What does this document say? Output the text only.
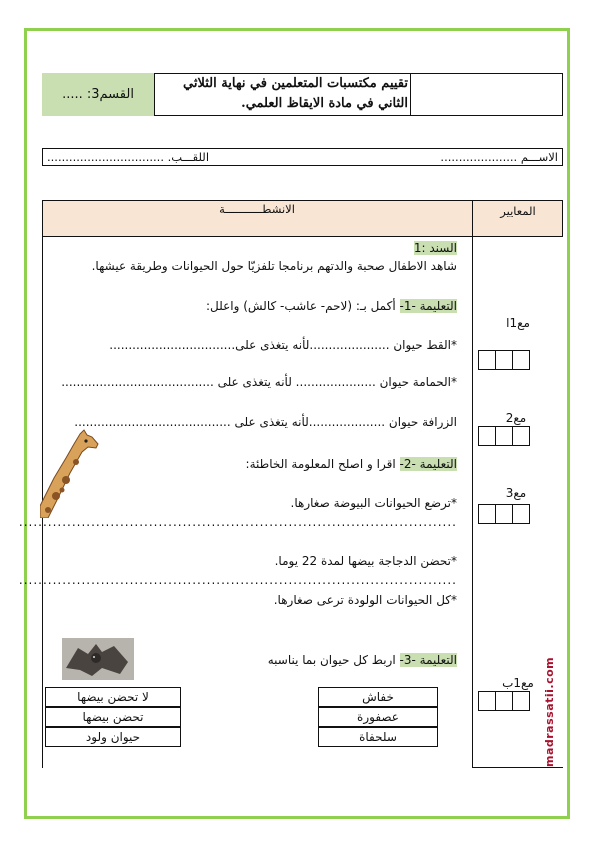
القسم3: .....
تقييم مكتسبات المتعلمين في نهاية الثلاثي
الثاني في مادة الايقاظ العلمي.
الاســـم .....................
اللقـــب. ................................
الانشطـــــــــــة	المعايير
السند :1
شاهد الاطفال صحبة والدتهم برنامجا تلفزيّا حول الحيوانات وطريقة عيشها.
التعليمة -1- أكمل بـ: (لاحم- عاشب- كالش) واعلل:
*القط حيوان .....................لأنه يتغذى على.................................
*الحمامة حيوان ..................... لأنه يتغذى على ........................................
الزرافة حيوان ....................لأنه يتغذى على .........................................
التعليمة -2- اقرا و اصلح المعلومة الخاطئة:
*ترضع الحيوانات البيوضة صغارها.
...........................................................................................
*تحضن الدجاجة بيضها لمدة 22 يوما.
...........................................................................................
*كل الحيوانات الولودة ترعى صغارها.
التعليمة -3- اربط كل حيوان بما يناسبه
خفاش
عصفورة
سلحفاة
لا تحضن بيضها
تحضن بيضها
حيوان ولود
مع1ا
مع2
مع3
مع1ب madrassatii.com
